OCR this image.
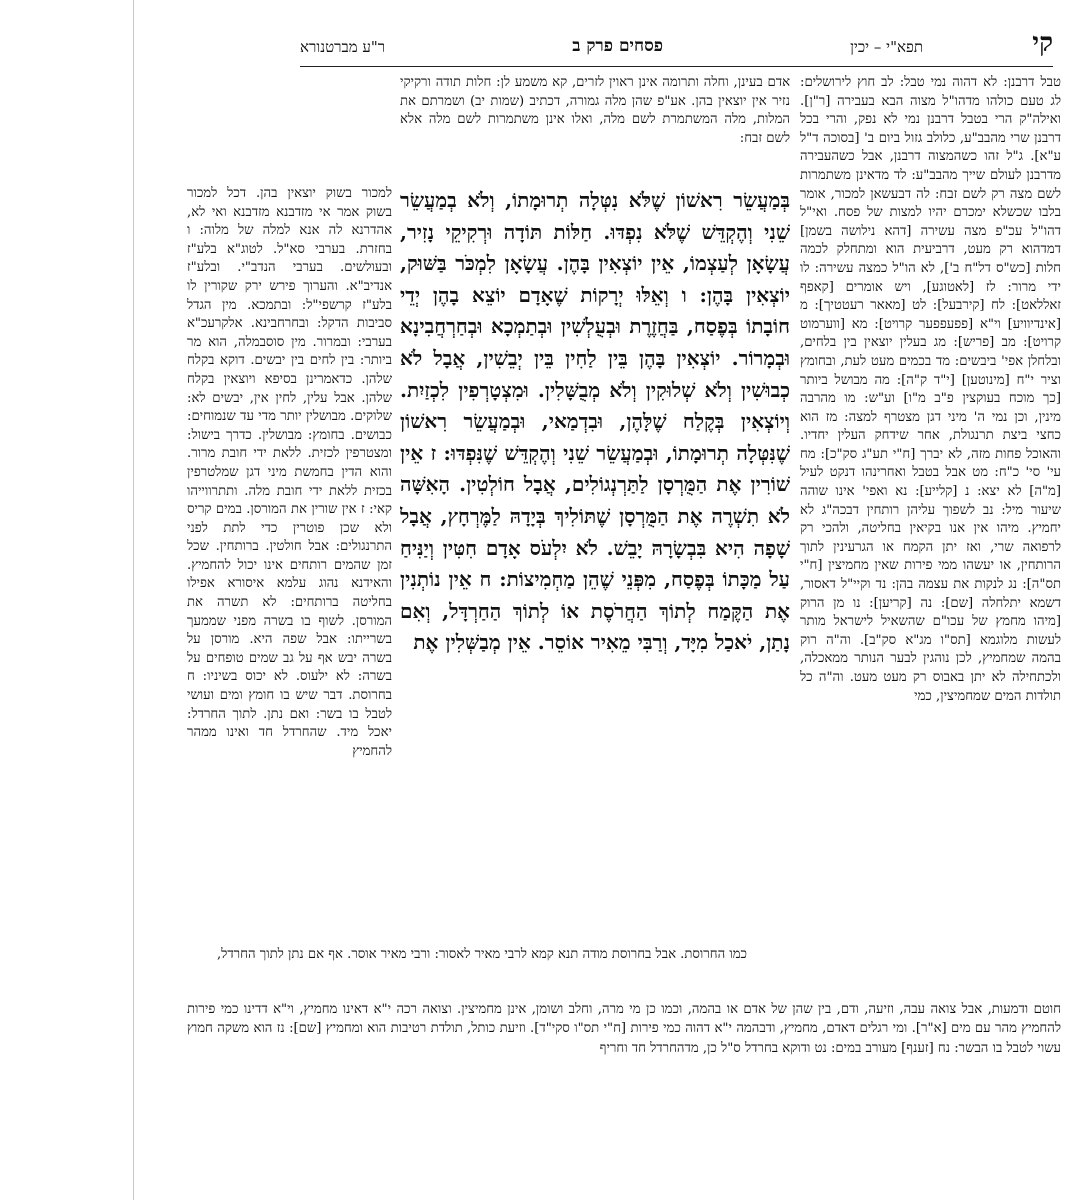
קי
תפא"י – יכין
פסחים פרק ב
ר"ע מברטנורא

טבל דרבנן: לא דהוה נמי טבל: לב חוץ לירושלים: לג טעם כולהו מדהו"ל מצוה הבא בעבירה [ר"ן]. ואילה"ק הרי בטבל דרבנן נמי לא נפק, והרי בכל דרבנן שרי מהבב"ע, כלולב גזול ביום ב' [בסוכה ד"ל ע"א]. ג"ל זהו כשהמצוה דרבנן, אבל כשהעבירה מדרבנן לעולם שייך מהבב"ע: לד מדאינן משתמרות לשם מצה רק לשם זבח: לה דבעשאן למכור, אומר בלבו שכשלא ימכרם יהיו למצות של פסח. ואי"ל דהו"ל עכ"פ מצה עשירה [דהא נילושה בשמן] דמדהוא רק מעט, דרביעית הוא ומתחלק לכמה חלות [כש"ס דל"ח ב'], לא הו"ל כמצה עשירה: לו ידי מרור: לז [לאטוגע], ויש אומרים [קאפף זאללאט]: לח [קירבעל]: לט [מאאר רעטטיך]: מ [אינדיוויע] וי"א [פפעפפער קרויט]: מא [ווערמוט קרויט]: מב [פריש]: מג בעלין יוצאין בין בלחים, ובלחלן אפי' ביבשים: מד בכמים מעט לעת, ובחומץ וציר י"ח [מינוטען] [י"ד ק"ה]: מה מבושל ביותר [כך מוכח בעוקצין פ"ב מ"ו] וע"ש: מו מהרבה מינין, וכן נמי ה' מיני דגן מצטרף למצה: מז הוא כחצי ביצת תרנגולת, אחר שידחק העלין יחדיו. והאוכל פחות מזה, לא יברך [ח"י תע"ג סק"כ]: מח עי' סי' כ"ח: מט אבל בטבל ואחרינהו דנקט לעיל [מ"ה] לא יצא: נ [קלייע]: נא ואפי' אינו שוהה שיעור מיל: נב לשפוך עליהן רותחין דבכה"ג לא יחמיץ. מיהו אין אנו בקיאין בחליטה, ולהכי רק לרפואה שרי, ואז יתן הקמח או הגרעינין לתוך הרותחין, או יעשהו ממי פירות שאין מחמיצין [ח"י תס"ה]: נג לנקות את עצמה בהן: נד וקיי"ל דאסור, דשמא יתלחלה [שם]: נה [קריען]: נו מן הרוק [מיהו מחמץ של עכו"ם שהשאיל לישראל מותר לעשות מלוגמא [תס"ו מג"א סק"ב]. וה"ה רוק בהמה שמחמיץ, לכן נוהגין לבער הנותר ממאכלה, ולכתחילה לא יתן באבוס רק מעט מעט. וה"ה כל תולדות המים שמחמיצין, כמי

אדם בעינן, וחלה ותרומה אינן ראוין לזרים, קא משמע לן: חלות תודה ורקיקי נזיר אין יוצאין בהן. אע"פ שהן מלה גמורה, דכתיב (שמות יב) ושמרתם את המלות, מלה המשתמרת לשם מלה, ואלו אינן משתמרות לשם מלה אלא לשם זבח:

בְּמַעֲשֵׂר רִאשׁוֹן שֶׁלֹּא נִטְּלָה תְרוּמָתוֹ, וְלֹא בְמַעֲשֵׂר שֵׁנִי וְהֶקְדֵּשׁ שֶׁלֹּא נִפְדּוּ. חַלּוֹת תּוֹדָה וּרְקִיקֵי נָזִיר, עֲשָׂאָן לְעַצְמוֹ, אֵין יוֹצְאִין בָּהֶן. עֲשָׂאָן לִמְכֹּר בַּשּׁוּק, יוֹצְאִין בָּהֶן: ו וְאֵלּוּ יְרָקוֹת שֶׁאָדָם יוֹצֵא בָהֶן יְדֵי חוֹבָתוֹ בְּפֶסַח, בַּחֲזֶרֶת וּבְעֻלְשִׁין וּבְתַמְכָא וּבְחַרְחֲבִינָא וּבְמָרוֹר. יוֹצְאִין בָּהֶן בֵּין לַחִין בֵּין יְבֵשִׁין, אֲבָל לֹא כְבוּשִׁין וְלֹא שְׁלוּקִין וְלֹא מְבֻשָּׁלִין. וּמִצְטָרְפִין לִכְזַיִת. וְיוֹצְאִין בְּקֶלַח שֶׁלָּהֶן, וּבִדְמַאי, וּבְמַעֲשֵׂר רִאשׁוֹן שֶׁנִּטְּלָה תְרוּמָתוֹ, וּבְמַעֲשֵׂר שֵׁנִי וְהֶקְדֵּשׁ שֶׁנִּפְדּוּ: ז אֵין שׁוֹרִין אֶת הַמֻּרְסָן לַתַּרְנְגוֹלִים, אֲבָל חוֹלְטִין. הָאִשָּׁה לֹא תִשְׁרֶה אֶת הַמֻּרְסָן שֶׁתּוֹלִיךְ בְּיָדָהּ לַמֶּרְחָץ, אֲבָל שָׁפָה הִיא בִּבְשָׂרָהּ יָבֵשׁ. לֹא יִלְעֹס אָדָם חִטִּין וְיַנִּיחַ עַל מַכָּתוֹ בְּפֶסַח, מִפְּנֵי שֶׁהֵן מַחְמִיצוֹת: ח אֵין נוֹתְנִין אֶת הַקֶּמַח לְתוֹךְ הַחֲרֹסֶת אוֹ לְתוֹךְ הַחַרְדָּל, וְאִם נָתַן, יֹאכַל מִיָּד, וְרַבִּי מֵאִיר אוֹסֵר. אֵין מְבַשְּׁלִין אֶת

למכור בשוק יוצאין בהן. דכל למכור בשוק אמר אי מזדבנא מזדבנא ואי לא, אהדרנא לה אנא למלה של מלוה: ו בחזרת. בערבי סא"ל. לטוג"א בלע"ז ובעולשים. בערבי הנדב"י. ובלע"ז אנדיב"א. והערוך פירש ירק שקורין לו בלע"ז קרשפי"ל: ובתמכא. מין הגדל סביבות הדקל: ובחרחבינא. אלקרעכ"א בערבי: ובמרור. מין סוסבמלה, הוא מר ביותר: בין לחים בין יבשים. דוקא בקלח שלהן. כדאמרינן בסיפא ויוצאין בקלח שלהן. אבל עלין, לחין אין, יבשים לא: שלוקים. מבושלין יותר מדי עד שנמוחים: כבושים. בחומץ: מבושלין. כדרך בישול: ומצטרפין לכזית. ללאת ידי חובת מרור. והוא הדין בחמשת מיני דגן שמלטרפין בכזית ללאת ידי חובת מלה. ותתרווייהו קאי: ז אין שורין את המורסן. במים קריס ולא שכן פוטרין כדי לתת לפני התרנגולים: אבל חולטין. ברותחין. שכל זמן שהמים רותחים אינו יכול להחמיץ. והאידנא נהוג עלמא איסורא אפילו בחליטה ברותחים: לא תשרה את המורסן. לשוף בו בשרה מפני שממעך בשרייתו: אבל שפה היא. מורסן על בשרה יבש אף על גב שמים טופחים על בשרה: לא ילעוס. לא יכוס בשיניו: ח בחרוסת. דבר שיש בו חומץ ומים ועושי לטבל בו בשר: ואם נתן. לתוך החרדל: יאכל מיד. שהחרדל חד ואינו ממהר להחמיץ

כמו החרוסת. אבל בחרוסת מודה תנא קמא לרבי מאיר לאסור: ורבי מאיר אוסר. אף אם נתן לתוך החרדל,

חוטם ודמעות, אבל צואה עבה, וזיעה, ודם, בין שהן של אדם או בהמה, וכמו כן מי מרה, וחלב ושומן, אינן מחמיצין. וצואה רכה י"א דאינו מחמיץ, וי"א דדינו כמי פירות להחמיץ מהר עם מים [א"ר]. ומי רגלים דאדם, מחמיץ, ודבהמה י"א דהוה כמי פירות [ח"י תס"ו סקי"ד]. וזיעת כותל, תולדת רטיבות הוא ומחמיץ [שם]: נז הוא משקה חמוץ עשוי לטבל בו הבשר: נח [זענף] מעורב במים: נט ודוקא בחרדל ס"ל כן, מדהחרדל חד וחריף
